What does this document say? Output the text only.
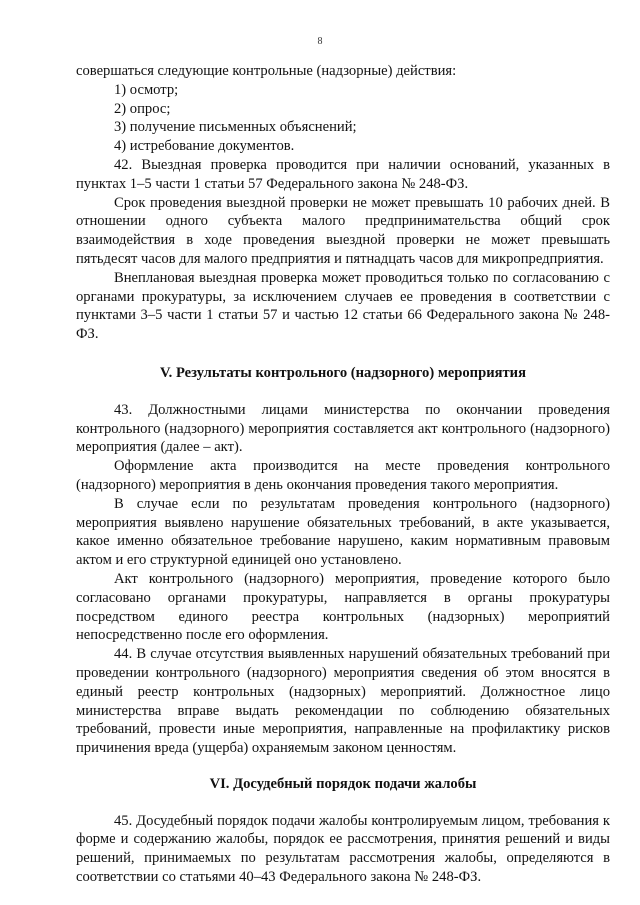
8

совершаться следующие контрольные (надзорные) действия:

1) осмотр;

2) опрос;

3) получение письменных объяснений;

4) истребование документов.

42. Выездная проверка проводится при наличии оснований, указанных в пунктах 1–5 части 1 статьи 57 Федерального закона № 248-ФЗ.

Срок проведения выездной проверки не может превышать 10 рабочих дней. В отношении одного субъекта малого предпринимательства общий срок взаимодействия в ходе проведения выездной проверки не может превышать пятьдесят часов для малого предприятия и пятнадцать часов для микропредприятия.

Внеплановая выездная проверка может проводиться только по согласованию с органами прокуратуры, за исключением случаев ее проведения в соответствии с пунктами 3–5 части 1 статьи 57 и частью 12 статьи 66 Федерального закона № 248-ФЗ.

V. Результаты контрольного (надзорного) мероприятия

43. Должностными лицами министерства по окончании проведения контрольного (надзорного) мероприятия составляется акт контрольного (надзорного) мероприятия (далее – акт).

Оформление акта производится на месте проведения контрольного (надзорного) мероприятия в день окончания проведения такого мероприятия.

В случае если по результатам проведения контрольного (надзорного) мероприятия выявлено нарушение обязательных требований, в акте указывается, какое именно обязательное требование нарушено, каким нормативным правовым актом и его структурной единицей оно установлено.

Акт контрольного (надзорного) мероприятия, проведение которого было согласовано органами прокуратуры, направляется в органы прокуратуры посредством единого реестра контрольных (надзорных) мероприятий непосредственно после его оформления.

44. В случае отсутствия выявленных нарушений обязательных требований при проведении контрольного (надзорного) мероприятия сведения об этом вносятся в единый реестр контрольных (надзорных) мероприятий. Должностное лицо министерства вправе выдать рекомендации по соблюдению обязательных требований, провести иные мероприятия, направленные на профилактику рисков причинения вреда (ущерба) охраняемым законом ценностям.

VI. Досудебный порядок подачи жалобы

45. Досудебный порядок подачи жалобы контролируемым лицом, требования к форме и содержанию жалобы, порядок ее рассмотрения, принятия решений и виды решений, принимаемых по результатам рассмотрения жалобы, определяются в соответствии со статьями 40–43 Федерального закона № 248-ФЗ.
